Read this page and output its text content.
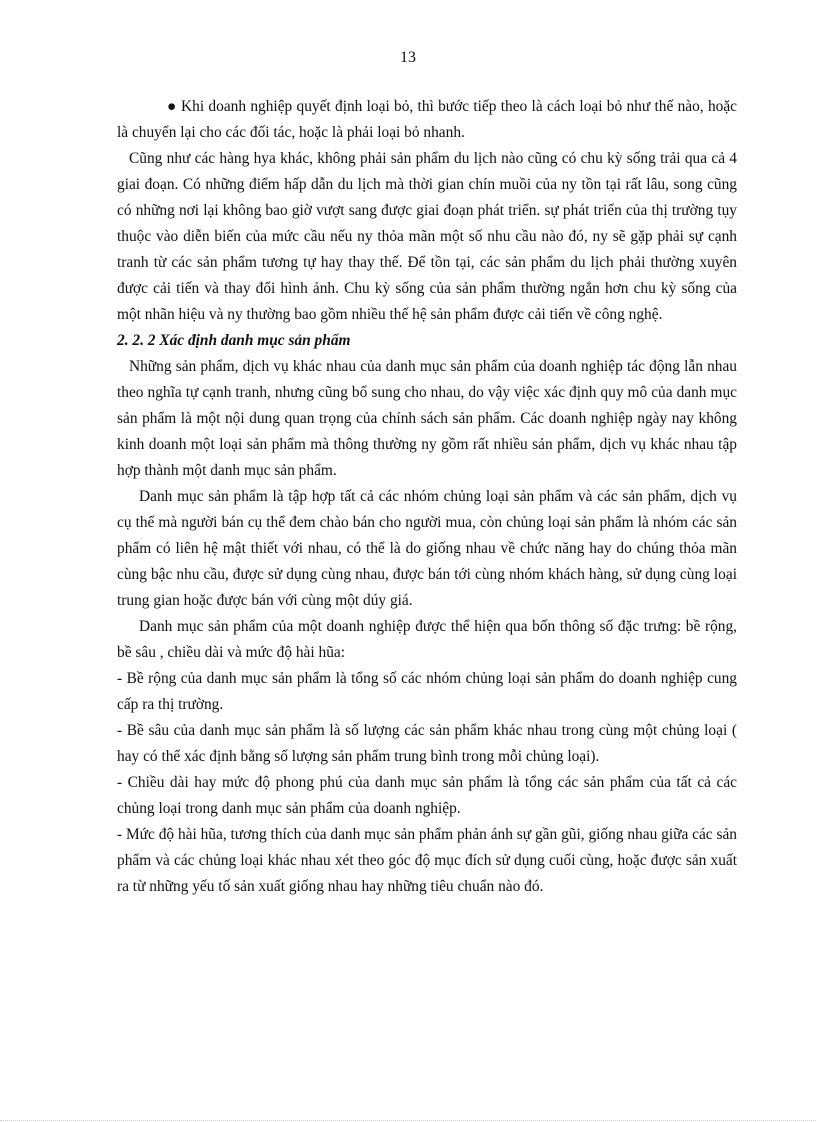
13

● Khi doanh nghiệp quyết định loại bỏ, thì bước tiếp theo là cách loại bỏ như thế nào, hoặc là chuyển lại cho các đối tác, hoặc là phải loại bỏ nhanh.

Cũng như các hàng hya khác, không phải sản phẩm du lịch nào cũng có chu kỳ sống trải qua cả 4 giai đoạn. Có những điểm hấp dẫn du lịch mà thời gian chín muồi của ny tồn tại rất lâu, song cũng có những nơi lại không bao giờ vượt sang được giai đoạn phát triển. sự phát triển của thị trường tụy thuộc vào diễn biến của mức cầu nếu ny thỏa mãn một số nhu cầu nào đó, ny sẽ gặp phải sự cạnh tranh từ các sản phẩm tương tự hay thay thế. Để tồn tại, các sản phẩm du lịch phải thường xuyên được cải tiến và thay đổi hình ảnh. Chu kỳ sống của sản phẩm thường ngắn hơn chu kỳ sống của một nhãn hiệu và ny thường bao gồm nhiều thế hệ sản phẩm được cải tiến về công nghệ.

2. 2. 2 Xác định danh mục sản phẩm

Những sản phẩm, dịch vụ khác nhau của danh mục sản phẩm của doanh nghiệp tác động lẫn nhau theo nghĩa tự cạnh tranh, nhưng cũng bổ sung cho nhau, do vậy việc xác định quy mô của danh mục sản phẩm là một nội dung quan trọng của chính sách sản phẩm. Các doanh nghiệp ngày nay không kinh doanh một loại sản phẩm mà thông thường ny gồm rất nhiều sản phẩm, dịch vụ khác nhau tập hợp thành một danh mục sản phẩm.

Danh mục sản phẩm là tập hợp tất cả các nhóm chủng loại sản phẩm và các sản phẩm, dịch vụ cụ thể mà người bán cụ thể đem chào bán cho người mua, còn chủng loại sản phẩm là nhóm các sản phẩm có liên hệ mật thiết với nhau, có thể là do giống nhau về chức năng hay do chúng thỏa mãn cùng bậc nhu cầu, được sử dụng cùng nhau, được bán tới cùng nhóm khách hàng, sử dụng cùng loại trung gian hoặc được bán với cùng một dúy giá.

Danh mục sản phẩm của một doanh nghiệp được thể hiện qua bốn thông số đặc trưng: bề rộng, bề sâu , chiều dài và mức độ hài hũa:

- Bề rộng của danh mục sản phẩm là tổng số các nhóm chủng loại sản phẩm do doanh nghiệp cung cấp ra thị trường.

- Bề sâu của danh mục sản phẩm là số lượng các sản phẩm khác nhau trong cùng một chủng loại ( hay có thể xác định bằng số lượng sản phẩm trung bình trong mỗi chủng loại).

- Chiều dài hay mức độ phong phú của danh mục sản phẩm là tổng các sản phẩm của tất cả các chủng loại trong danh mục sản phẩm của doanh nghiệp.

- Mức độ hài hũa, tương thích của danh mục sản phẩm phản ánh sự gần gũi, giống nhau giữa các sản phẩm và các chủng loại khác nhau xét theo góc độ mục đích sử dụng cuối cùng, hoặc được sản xuất ra từ những yếu tố sản xuất giống nhau hay những tiêu chuẩn nào đó.
